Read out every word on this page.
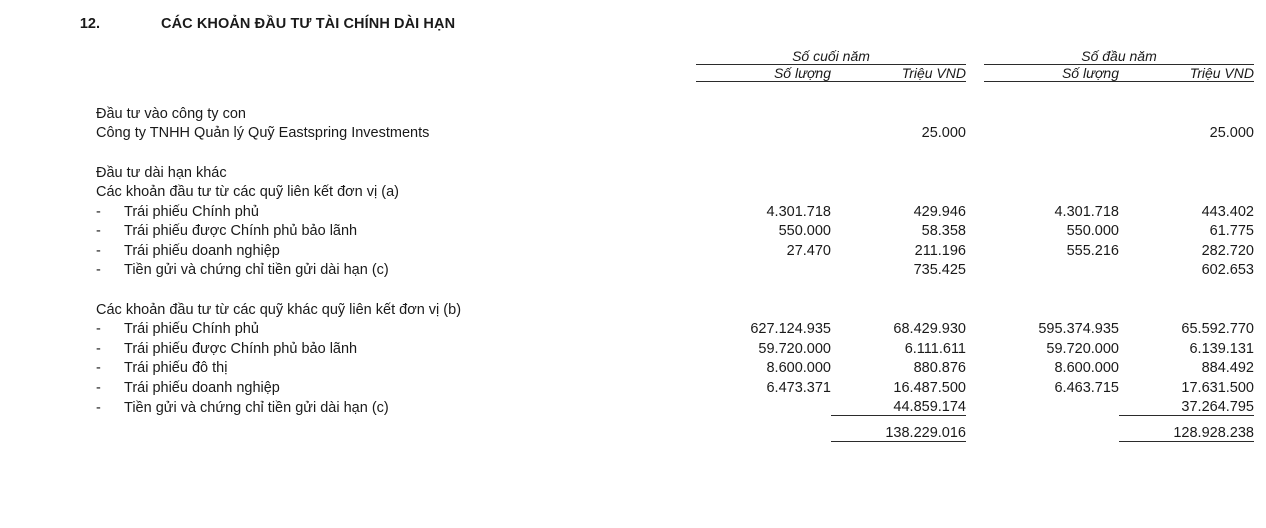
12.	CÁC KHOẢN ĐẦU TƯ TÀI CHÍNH DÀI HẠN
	Số cuối năm			Số đầu năm	
	Số lượng	Triệu VND		Số lượng	Triệu VND

Đầu tư vào công ty con					
Công ty TNHH Quản lý Quỹ Eastspring Investments		25.000			25.000

Đầu tư dài hạn khác					
Các khoản đầu tư từ các quỹ liên kết đơn vị (a)					
- Trái phiếu Chính phủ	4.301.718	429.946		4.301.718	443.402
- Trái phiếu được Chính phủ bảo lãnh	550.000	58.358		550.000	61.775
- Trái phiếu doanh nghiệp	27.470	211.196		555.216	282.720
- Tiền gửi và chứng chỉ tiền gửi dài hạn (c)		735.425			602.653

Các khoản đầu tư từ các quỹ khác quỹ liên kết đơn vị (b)					
- Trái phiếu Chính phủ	627.124.935	68.429.930		595.374.935	65.592.770
- Trái phiếu được Chính phủ bảo lãnh	59.720.000	6.111.611		59.720.000	6.139.131
- Trái phiếu đô thị	8.600.000	880.876		8.600.000	884.492
- Trái phiếu doanh nghiệp	6.473.371	16.487.500		6.463.715	17.631.500
- Tiền gửi và chứng chỉ tiền gửi dài hạn (c)		44.859.174			37.264.795

		138.229.016			128.928.238
